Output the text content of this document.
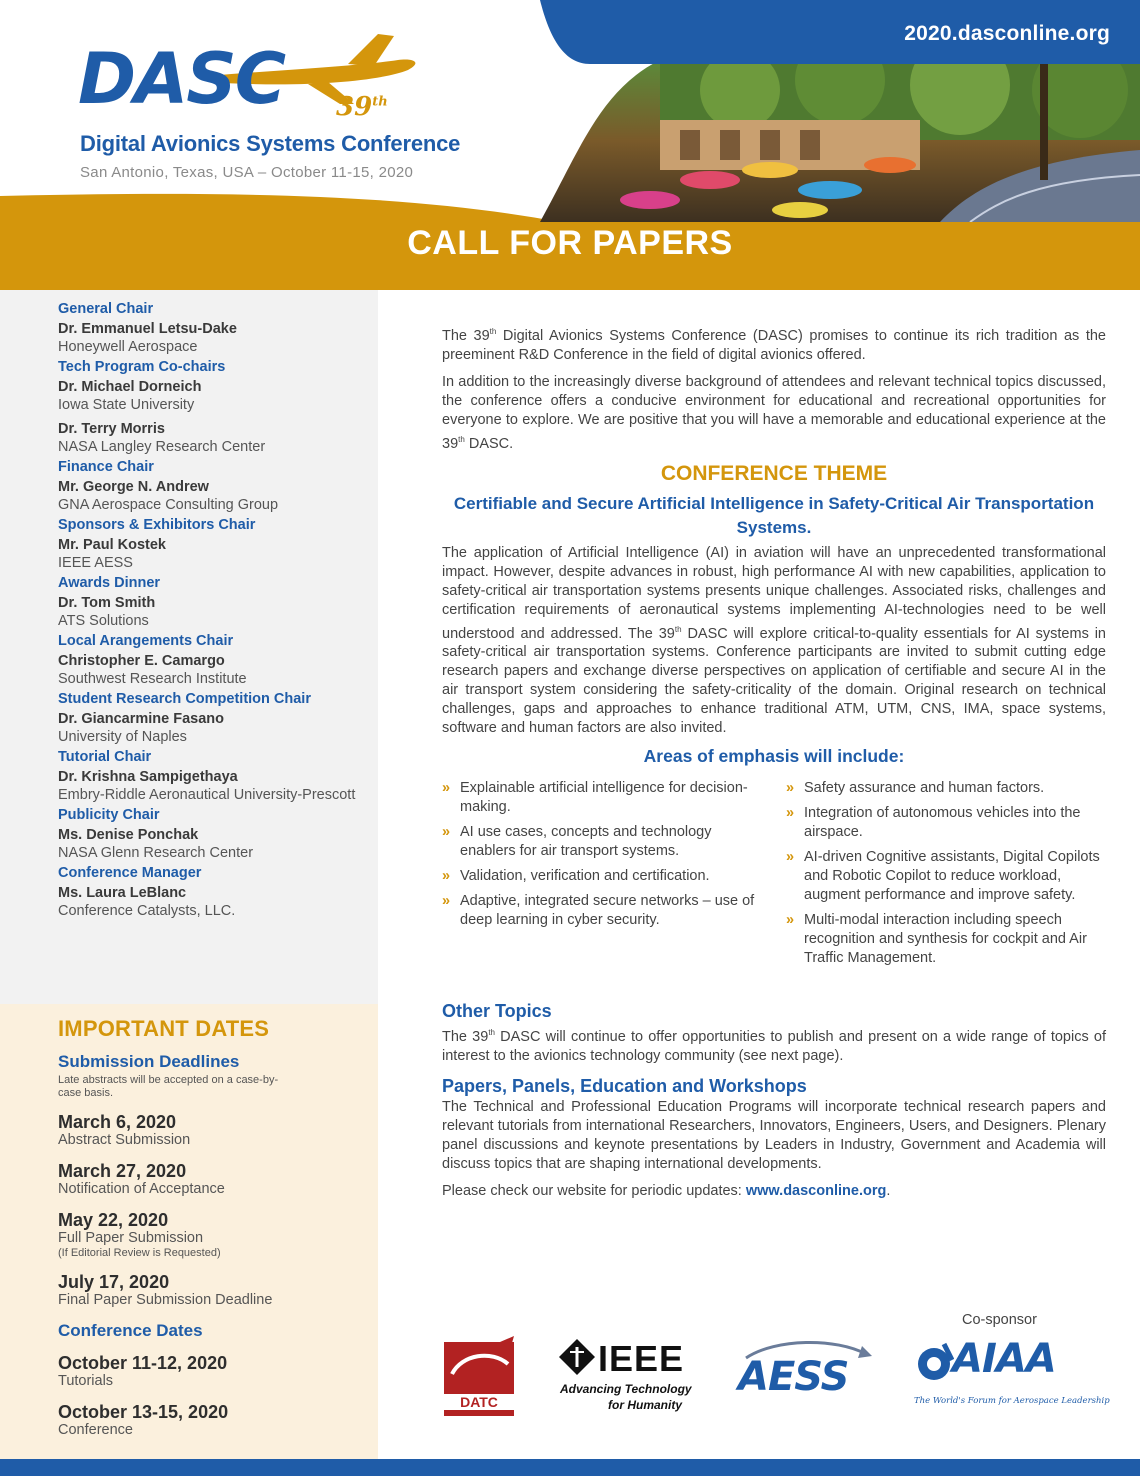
2020.dasconline.org
DASC 39th
Digital Avionics Systems Conference
San Antonio, Texas, USA – October 11-15, 2020
CALL FOR PAPERS
General Chair
Dr. Emmanuel Letsu-Dake
Honeywell Aerospace
Tech Program Co-chairs
Dr. Michael Dorneich
Iowa State University
Dr. Terry Morris
NASA Langley Research Center
Finance Chair
Mr. George N. Andrew
GNA Aerospace Consulting Group
Sponsors & Exhibitors Chair
Mr. Paul Kostek
IEEE AESS
Awards Dinner
Dr. Tom Smith
ATS Solutions
Local Arangements Chair
Christopher E. Camargo
Southwest Research Institute
Student Research Competition Chair
Dr. Giancarmine Fasano
University of Naples
Tutorial Chair
Dr. Krishna Sampigethaya
Embry-Riddle Aeronautical University-Prescott
Publicity Chair
Ms. Denise Ponchak
NASA Glenn Research Center
Conference Manager
Ms. Laura LeBlanc
Conference Catalysts, LLC.
IMPORTANT DATES
Submission Deadlines
Late abstracts will be accepted on a case-by-case basis.
March 6, 2020
Abstract Submission
March 27, 2020
Notification of Acceptance
May 22, 2020
Full Paper Submission
(If Editorial Review is Requested)
July 17, 2020
Final Paper Submission Deadline
Conference Dates
October 11-12, 2020
Tutorials
October 13-15, 2020
Conference

The 39th Digital Avionics Systems Conference (DASC) promises to continue its rich tradition as the preeminent R&D Conference in the field of digital avionics offered.

In addition to the increasingly diverse background of attendees and relevant technical topics discussed, the conference offers a conducive environment for educational and recreational opportunities for everyone to explore. We are positive that you will have a memorable and educational experience at the 39th DASC.

CONFERENCE THEME
Certifiable and Secure Artificial Intelligence in Safety-Critical Air Transportation Systems.

The application of Artificial Intelligence (AI) in aviation will have an unprecedented transformational impact. However, despite advances in robust, high performance AI with new capabilities, application to safety-critical air transportation systems presents unique challenges. Associated risks, challenges and certification requirements of aeronautical systems implementing AI-technologies need to be well understood and addressed. The 39th DASC will explore critical-to-quality essentials for AI systems in safety-critical air transportation systems. Conference participants are invited to submit cutting edge research papers and exchange diverse perspectives on application of certifiable and secure AI in the air transport system considering the safety-criticality of the domain. Original research on technical challenges, gaps and approaches to enhance traditional ATM, UTM, CNS, IMA, space systems, software and human factors are also invited.

Areas of emphasis will include:
» Explainable artificial intelligence for decision-making.
» AI use cases, concepts and technology enablers for air transport systems.
» Validation, verification and certification.
» Adaptive, integrated secure networks – use of deep learning in cyber security.
» Safety assurance and human factors.
» Integration of autonomous vehicles into the airspace.
» AI-driven Cognitive assistants, Digital Copilots and Robotic Copilot to reduce workload, augment performance and improve safety.
» Multi-modal interaction including speech recognition and synthesis for cockpit and Air Traffic Management.
Other Topics

The 39th DASC will continue to offer opportunities to publish and present on a wide range of topics of interest to the avionics technology community (see next page).

Papers, Panels, Education and Workshops

The Technical and Professional Education Programs will incorporate technical research papers and relevant tutorials from international Researchers, Innovators, Engineers, Users, and Designers. Plenary panel discussions and keynote presentations by Leaders in Industry, Government and Academia will discuss topics that are shaping international developments.

Please check our website for periodic updates: www.dasconline.org.

Co-sponsor
DATC
IEEE
Advancing Technology
for Humanity
AESS	AIAA
The World's Forum for Aerospace Leadership
